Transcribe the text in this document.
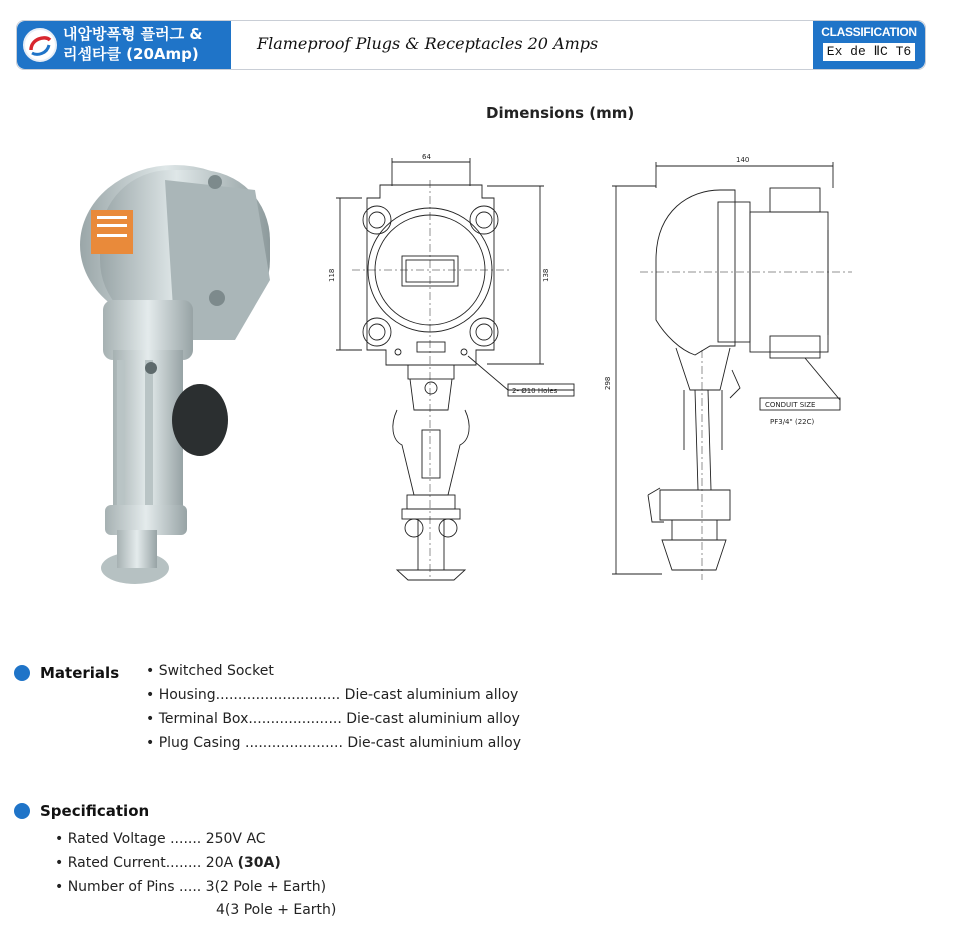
내압방폭형 플러그 &
리셉타클 (20Amp)
Flameproof Plugs & Receptacles 20 Amps
CLASSIFICATION
Ex de ⅡC T6
Dimensions (mm)
64
118	138
2- Ø10 Holes
140
298
CONDUIT SIZE
PF3/4" (22C)
Materials • Switched Socket
• Housing............................ Die-cast aluminium alloy
• Terminal Box..................... Die-cast aluminium alloy
• Plug Casing ...................... Die-cast aluminium alloy
Specification
• Rated Voltage ....... 250V AC
• Rated Current........ 20A (30A)
• Number of Pins ..... 3(2 Pole + Earth)
4(3 Pole + Earth)
